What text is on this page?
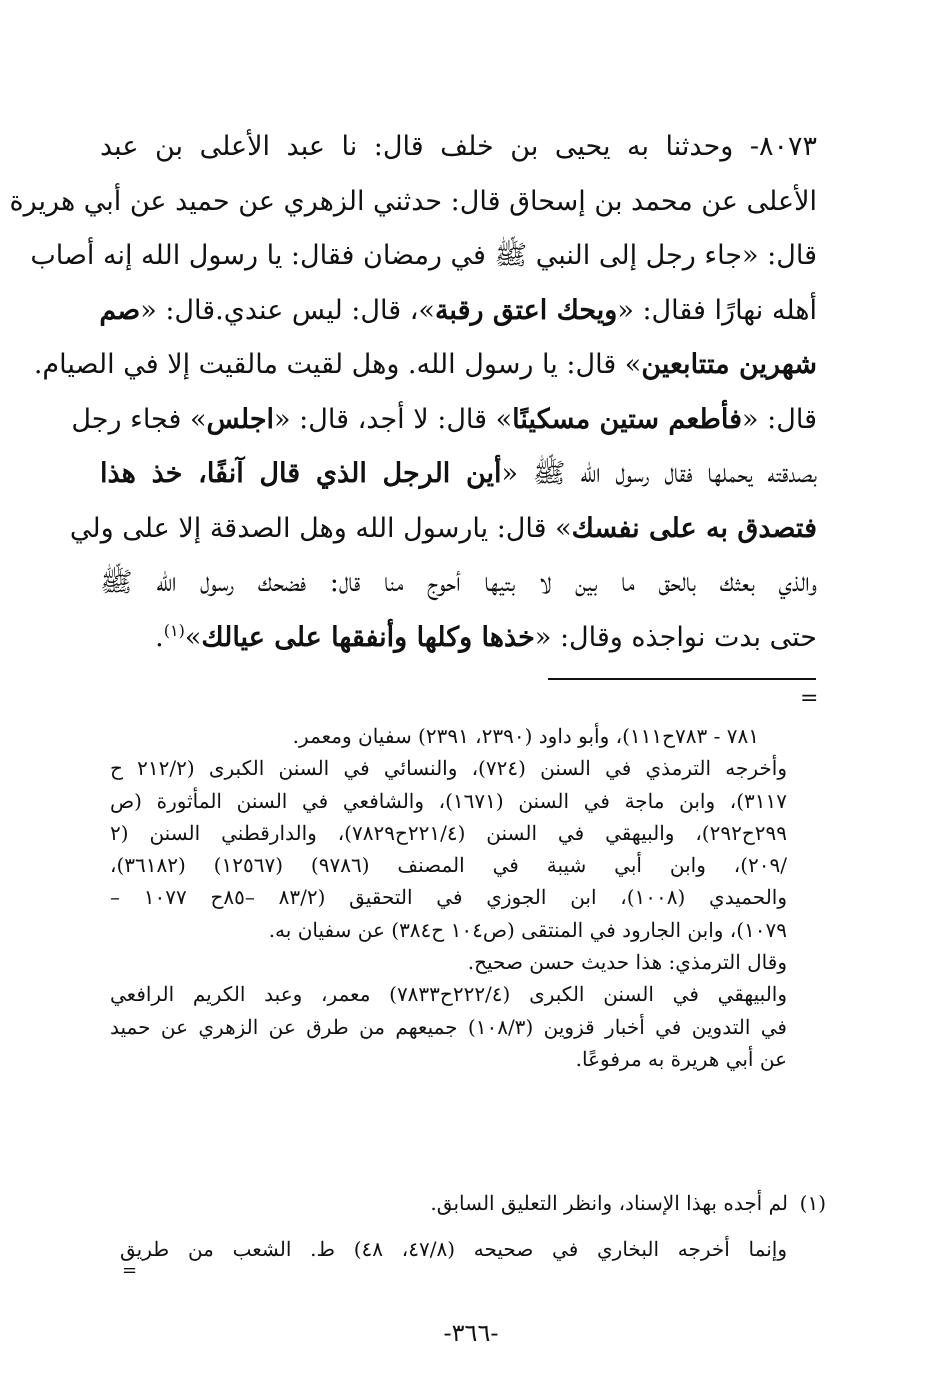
٨٠٧٣- وحدثنا به يحيى بن خلف قال: نا عبد الأعلى بن عبد
الأعلى عن محمد بن إسحاق قال: حدثني الزهري عن حميد عن أبي هريرة
قال: «جاء رجل إلى النبي ﷺ في رمضان فقال: يا رسول الله إنه أصاب
أهله نهارًا فقال: «ويحك اعتق رقبة»، قال: ليس عندي.قال: «صم
شهرين متتابعين» قال: يا رسول الله. وهل لقيت مالقيت إلا في الصيام.
قال: «فأطعم ستين مسكينًا» قال: لا أجد، قال: «اجلس» فجاء رجل
بصدقته يحملها فقال رسول الله ﷺ «أين الرجل الذي قال آنفًا، خذ هذا
فتصدق به على نفسك» قال: يارسول الله وهل الصدقة إلا على ولي
والذي بعثك بالحق ما بين لا بتيها أحوج منا قال: فضحك رسول الله ﷺ
حتى بدت نواجذه وقال: «خذها وكلها وأنفقها على عيالك»$^{(١)}$.
=
٧٨١ - ٧٨٣ح١١١)، وأبو داود (٢٣٩٠، ٢٣٩١) سفيان ومعمر.
وأخرجه الترمذي في السنن (٧٢٤)، والنسائي في السنن الكبرى (٢١٢/٢ ح
٣١١٧)، وابن ماجة في السنن (١٦٧١)، والشافعي في السنن المأثورة (ص
٢٩٩ح٢٩٢)، والبيهقي في السنن (٢٢١/٤ح٧٨٢٩)، والدارقطني السنن (٢
/٢٠٩)، وابن أبي شيبة في المصنف (٩٧٨٦) (١٢٥٦٧) (٣٦١٨٢)،
والحميدي (١٠٠٨)، ابن الجوزي في التحقيق (٨٣/٢ –٨٥ح ١٠٧٧ –
١٠٧٩)، وابن الجارود في المنتقى (ص١٠٤ ح٣٨٤) عن سفيان به.
وقال الترمذي: هذا حديث حسن صحيح.
والبيهقي في السنن الكبرى (٢٢٢/٤ح٧٨٣٣) معمر، وعبد الكريم الرافعي
في التدوين في أخبار قزوين (١٠٨/٣) جميعهم من طرق عن الزهري عن حميد
عن أبي هريرة به مرفوعًا.
(١)
لم أجده بهذا الإسناد، وانظر التعليق السابق.
وإنما أخرجه البخاري في صحيحه (٤٧/٨، ٤٨) ط. الشعب من طريق
=
-٣٦٦-
